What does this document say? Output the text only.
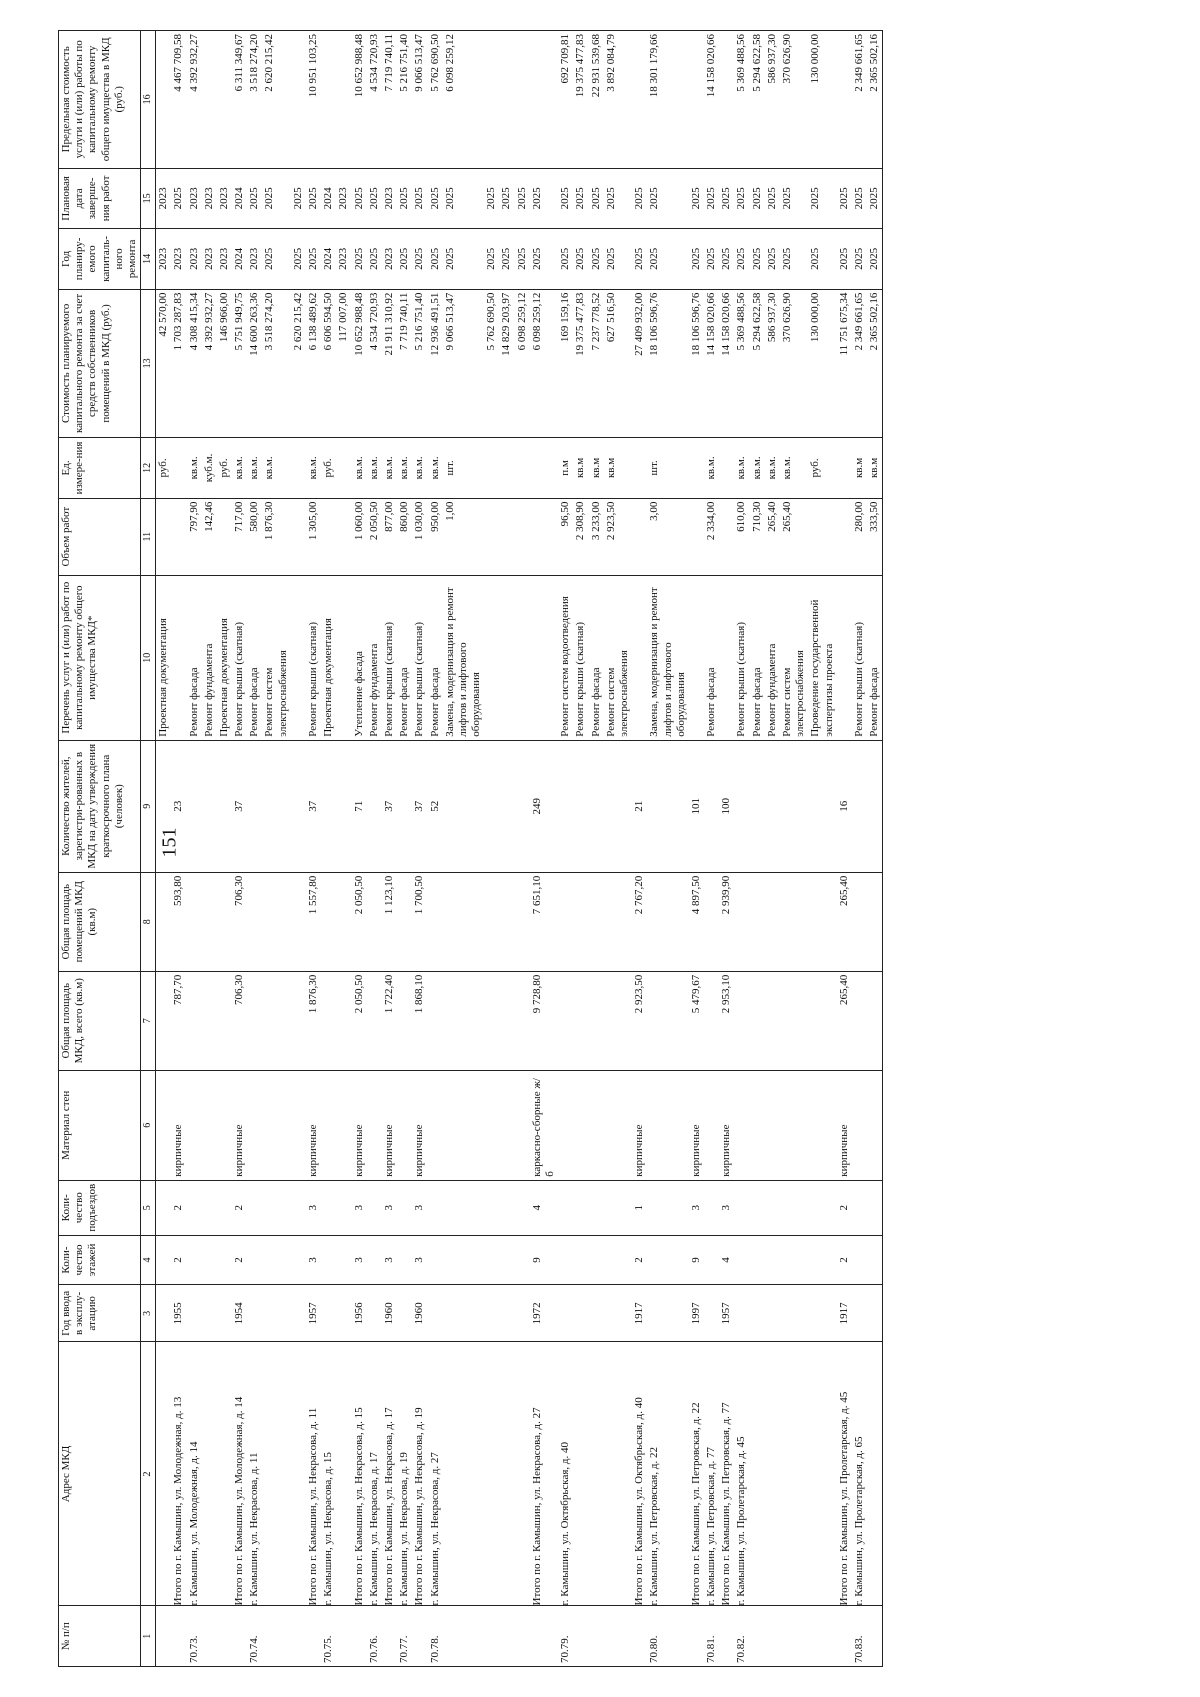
151
№ п/п	Адрес МКД	Год ввода в эксплу-атацию	Коли-чество этажей	Коли-чество подъездов	Материал стен	Общая площадь МКД, всего (кв.м)	Общая площадь помещений МКД (кв.м)	Количество жителей, зарегистри-рованных в МКД на дату утверждения краткосрочного плана (человек)	Перечень услуг и (или) работ по капитальному ремонту общего имущества МКД*	Объем работ	Ед. измере-ния	Стоимость планируемого капитального ремонта за счет средств собственников помещений в МКД (руб.)	Год планиру-емого капиталь-ного ремонта	Плановая дата заверше-ния работ	Предельная стоимость услуги и (или) работы по капитальному ремонту общего имущества в МКД (руб.)
1	2	3	4	5	6	7	8	9	10	11	12	13	14	15	16
									Проектная документация		руб.	42 570,00	2023	2023	
	Итого по г. Камышин, ул. Молодежная, д. 13	1955	2	2	кирпичные	787,70	593,80	23				1 703 287,83	2023	2025	4 467 709,58
70.73.	г. Камышин, ул. Молодежная, д. 14								Ремонт фасада	797,90	кв.м.	4 308 415,34	2023	2023	4 392 932,27
									Ремонт фундамента	142,46	куб.м.	4 392 932,27	2023	2023	
									Проектная документация		руб.	146 966,00	2023	2023	
	Итого по г. Камышин, ул. Молодежная, д. 14	1954	2	2	кирпичные	706,30	706,30	37	Ремонт крыши (скатная)	717,00	кв.м.	5 751 949,75	2024	2024	6 311 349,67
70.74.	г. Камышин, ул. Некрасова, д. 11								Ремонт фасада	580,00	кв.м.	14 600 263,36	2023	2025	3 518 274,20
									Ремонт систем электроснабжения	1 876,30	кв.м.	3 518 274,20	2025	2025	2 620 215,42
												2 620 215,42	2025	2025	
	Итого по г. Камышин, ул. Некрасова, д. 11	1957	3	3	кирпичные	1 876,30	1 557,80	37	Ремонт крыши (скатная)	1 305,00	кв.м.	6 138 489,62	2025	2025	10 951 103,25
70.75.	г. Камышин, ул. Некрасова, д. 15								Проектная документация		руб.	6 606 594,50	2024	2024	
												117 007,00	2023	2023	
	Итого по г. Камышин, ул. Некрасова, д. 15	1956	3	3	кирпичные	2 050,50	2 050,50	71	Утепление фасада	1 060,00	кв.м.	10 652 988,48	2025	2025	10 652 988,48
70.76.	г. Камышин, ул. Некрасова, д. 17								Ремонт фундамента	2 050,50	кв.м.	4 534 720,93	2025	2025	4 534 720,93
	Итого по г. Камышин, ул. Некрасова, д. 17	1960	3	3	кирпичные	1 722,40	1 123,10	37	Ремонт крыши (скатная)	877,00	кв.м.	21 911 310,92	2023	2023	7 719 740,11
70.77.	г. Камышин, ул. Некрасова, д. 19								Ремонт фасада	860,00	кв.м.	7 719 740,11	2025	2025	5 216 751,40
	Итого по г. Камышин, ул. Некрасова, д. 19	1960	3	3	кирпичные	1 868,10	1 700,50	37	Ремонт крыши (скатная)	1 030,00	кв.м.	5 216 751,40	2025	2025	9 066 513,47
70.78.	г. Камышин, ул. Некрасова, д. 27							52	Ремонт фасада	950,00	кв.м.	12 936 491,51	2025	2025	5 762 690,50
									Замена, модернизация и ремонт лифтов и лифтового оборудования	1,00	шт.	9 066 513,47	2025	2025	6 098 259,12
												5 762 690,50	2025	2025	
												14 829 203,97	2025	2025	
												6 098 259,12	2025	2025	
	Итого по г. Камышин, ул. Некрасова, д. 27	1972	9	4	каркасно-сборные ж/б	9 728,80	7 651,10	249				6 098 259,12	2025	2025	
70.79.	г. Камышин, ул. Октябрьская, д. 40								Ремонт систем водоотведения	96,50	п.м	169 159,16	2025	2025	692 709,81
									Ремонт крыши (скатная)	2 308,90	кв.м	19 375 477,83	2025	2025	19 375 477,83
									Ремонт фасада	3 233,00	кв.м	7 237 778,52	2025	2025	22 931 539,68
									Ремонт систем электроснабжения	2 923,50	кв.м	627 516,50	2025	2025	3 892 084,79
	Итого по г. Камышин, ул. Октябрьская, д. 40	1917	2	1	кирпичные	2 923,50	2 767,20	21				27 409 932,00	2025	2025	
70.80.	г. Камышин, ул. Петровская, д. 22								Замена, модернизация и ремонт лифтов и лифтового оборудования	3,00	шт.	18 106 596,76	2025	2025	18 301 179,66
	Итого по г. Камышин, ул. Петровская, д. 22	1997	9	3	кирпичные	5 479,67	4 897,50	101				18 106 596,76	2025	2025	
70.81.	г. Камышин, ул. Петровская, д. 77								Ремонт фасада	2 334,00	кв.м.	14 158 020,66	2025	2025	14 158 020,66
	Итого по г. Камышин, ул. Петровская, д. 77	1957	4	3	кирпичные	2 953,10	2 939,90	100				14 158 020,66	2025	2025	
70.82.	г. Камышин, ул. Пролетарская, д. 45								Ремонт крыши (скатная)	610,00	кв.м.	5 369 488,56	2025	2025	5 369 488,56
									Ремонт фасада	710,30	кв.м.	5 294 622,58	2025	2025	5 294 622,58
									Ремонт фундамента	265,40	кв.м.	586 937,30	2025	2025	586 937,30
									Ремонт систем электроснабжения	265,40	кв.м.	370 626,90	2025	2025	370 626,90
									Проведение государственной экспертизы проекта		руб.	130 000,00	2025	2025	130 000,00
	Итого по г. Камышин, ул. Пролетарская, д. 45	1917	2	2	кирпичные	265,40	265,40	16				11 751 675,34	2025	2025	
70.83.	г. Камышин, ул. Пролетарская, д. 65								Ремонт крыши (скатная)	280,00	кв.м	2 349 661,65	2025	2025	2 349 661,65
									Ремонт фасада	333,50	кв.м	2 365 502,16	2025	2025	2 365 502,16
